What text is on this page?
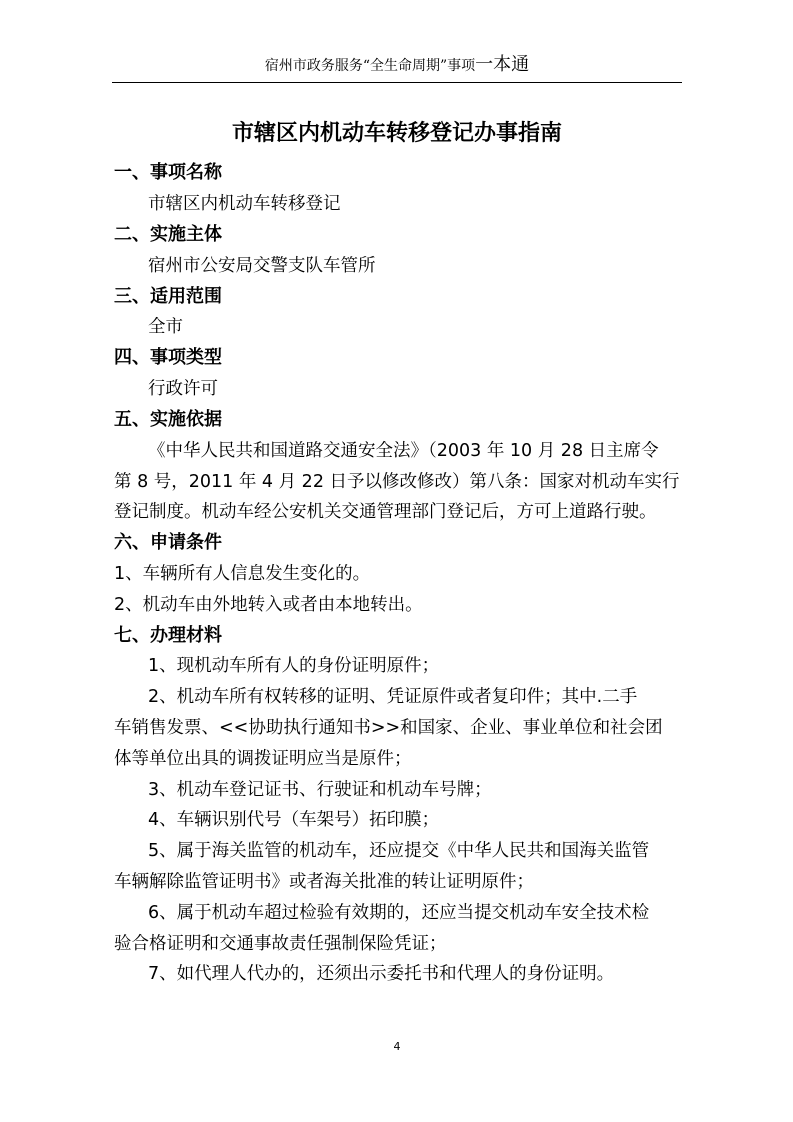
宿州市政务服务“全生命周期”事项一本通
市辖区内机动车转移登记办事指南
一、事项名称
市辖区内机动车转移登记
二、实施主体
宿州市公安局交警支队车管所
三、适用范围
全市
四、事项类型
行政许可
五、实施依据
《中华人民共和国道路交通安全法》（2003 年 10 月 28 日主席令
第 8 号，2011 年 4 月 22 日予以修改修改）第八条：国家对机动车实行
登记制度。机动车经公安机关交通管理部门登记后，方可上道路行驶。
六、申请条件
1、车辆所有人信息发生变化的。
2、机动车由外地转入或者由本地转出。
七、办理材料
1、现机动车所有人的身份证明原件；
2、机动车所有权转移的证明、凭证原件或者复印件；其中.二手
车销售发票、<<协助执行通知书>>和国家、企业、事业单位和社会团
体等单位出具的调拨证明应当是原件；
3、机动车登记证书、行驶证和机动车号牌；
4、车辆识别代号（车架号）拓印膜；
5、属于海关监管的机动车，还应提交《中华人民共和国海关监管
车辆解除监管证明书》或者海关批准的转让证明原件；
6、属于机动车超过检验有效期的，还应当提交机动车安全技术检
验合格证明和交通事故责任强制保险凭证；
7、如代理人代办的，还须出示委托书和代理人的身份证明。
4
